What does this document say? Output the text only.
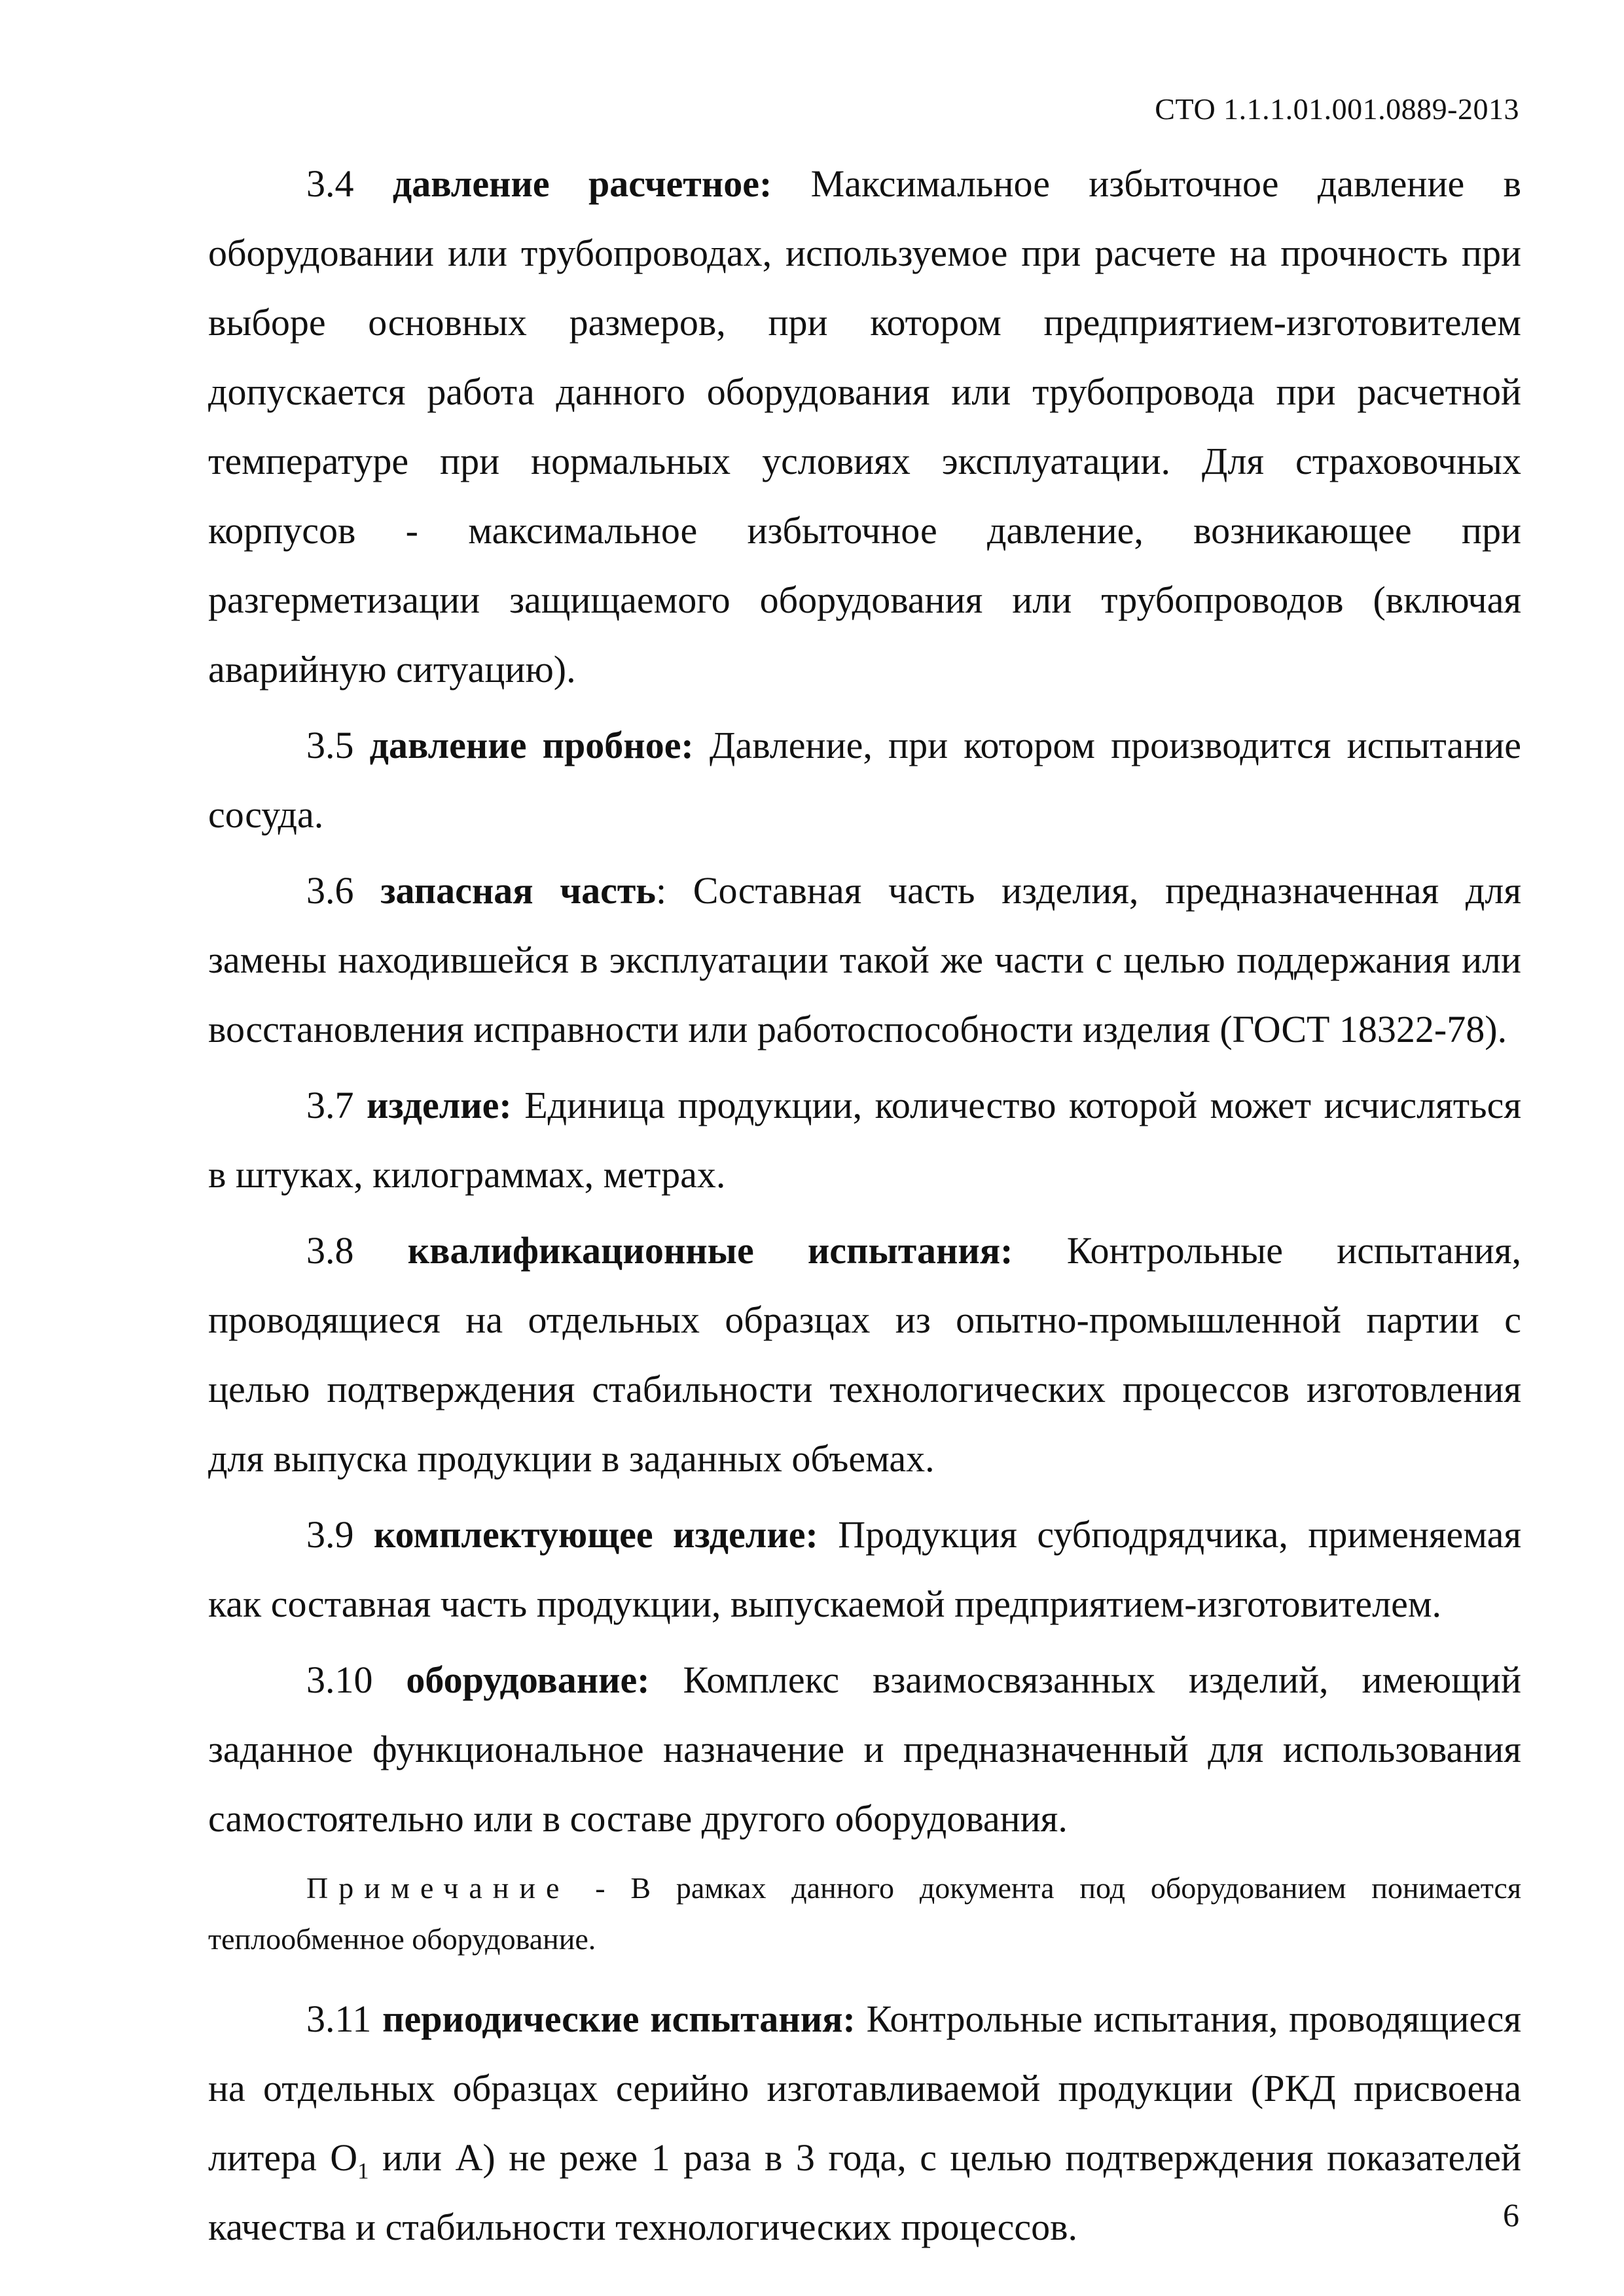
СТО 1.1.1.01.001.0889-2013

3.4 давление расчетное: Максимальное избыточное давление в оборудовании или трубопроводах, используемое при расчете на прочность при выборе основных размеров, при котором предприятием-изготовителем допускается работа данного оборудования или трубопровода при расчетной температуре при нормальных условиях эксплуатации. Для страховочных корпусов - максимальное избыточное давление, возникающее при разгерметизации защищаемого оборудования или трубопроводов (включая аварийную ситуацию).

3.5 давление пробное: Давление, при котором производится испытание сосуда.

3.6 запасная часть: Составная часть изделия, предназначенная для замены находившейся в эксплуатации такой же части с целью поддержания или восстановления исправности или работоспособности изделия (ГОСТ 18322-78).

3.7 изделие: Единица продукции, количество которой может исчисляться в штуках, килограммах, метрах.

3.8 квалификационные испытания: Контрольные испытания, проводящиеся на отдельных образцах из опытно-промышленной партии с целью подтверждения стабильности технологических процессов изготовления для выпуска продукции в заданных объемах.

3.9 комплектующее изделие: Продукция субподрядчика, применяемая как составная часть продукции, выпускаемой предприятием-изготовителем.

3.10 оборудование: Комплекс взаимосвязанных изделий, имеющий заданное функциональное назначение и предназначенный для использования самостоятельно или в составе другого оборудования.

Примечание - В рамках данного документа под оборудованием понимается теплообменное оборудование.

3.11 периодические испытания: Контрольные испытания, проводящиеся на отдельных образцах серийно изготавливаемой продукции (РКД присвоена литера $О_1$ или А) не реже 1 раза в 3 года, с целью подтверждения показателей качества и стабильности технологических процессов.	6
